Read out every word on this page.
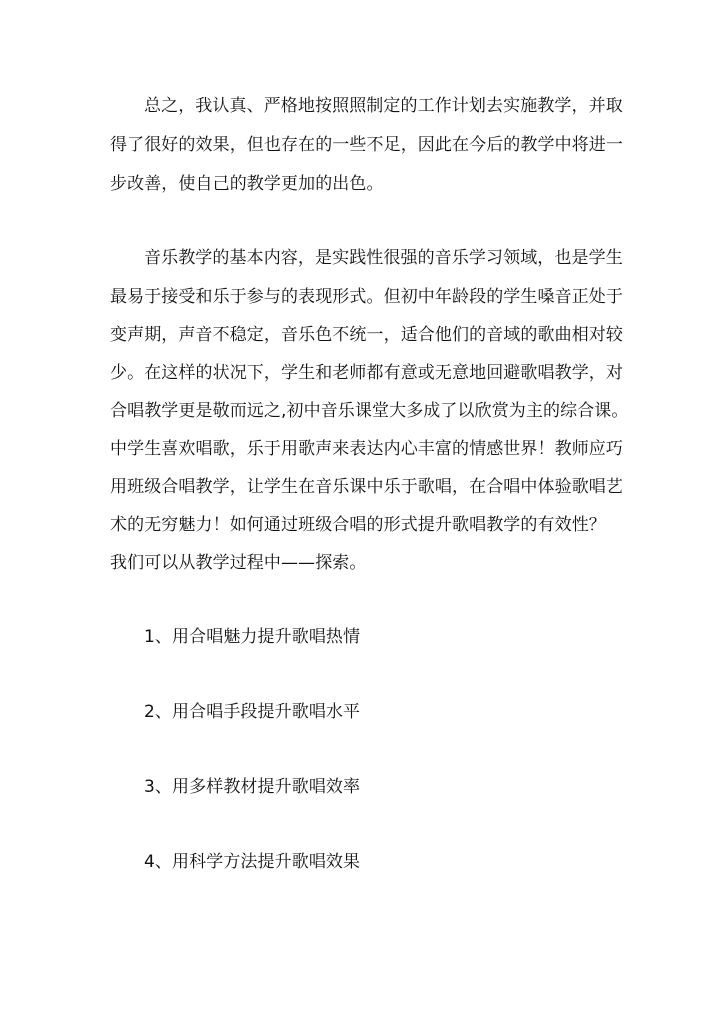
总之，我认真、严格地按照照制定的工作计划去实施教学，并取
得了很好的效果，但也存在的一些不足，因此在今后的教学中将进一
步改善，使自己的教学更加的出色。
音乐教学的基本内容，是实践性很强的音乐学习领域，也是学生
最易于接受和乐于参与的表现形式。但初中年龄段的学生嗓音正处于
变声期，声音不稳定，音乐色不统一，适合他们的音域的歌曲相对较
少。在这样的状况下，学生和老师都有意或无意地回避歌唱教学，对
合唱教学更是敬而远之,初中音乐课堂大多成了以欣赏为主的综合课。
中学生喜欢唱歌，乐于用歌声来表达内心丰富的情感世界！教师应巧
用班级合唱教学，让学生在音乐课中乐于歌唱，在合唱中体验歌唱艺
术的无穷魅力！如何通过班级合唱的形式提升歌唱教学的有效性？
我们可以从教学过程中——探索。
1、用合唱魅力提升歌唱热情
2、用合唱手段提升歌唱水平
3、用多样教材提升歌唱效率
4、用科学方法提升歌唱效果
